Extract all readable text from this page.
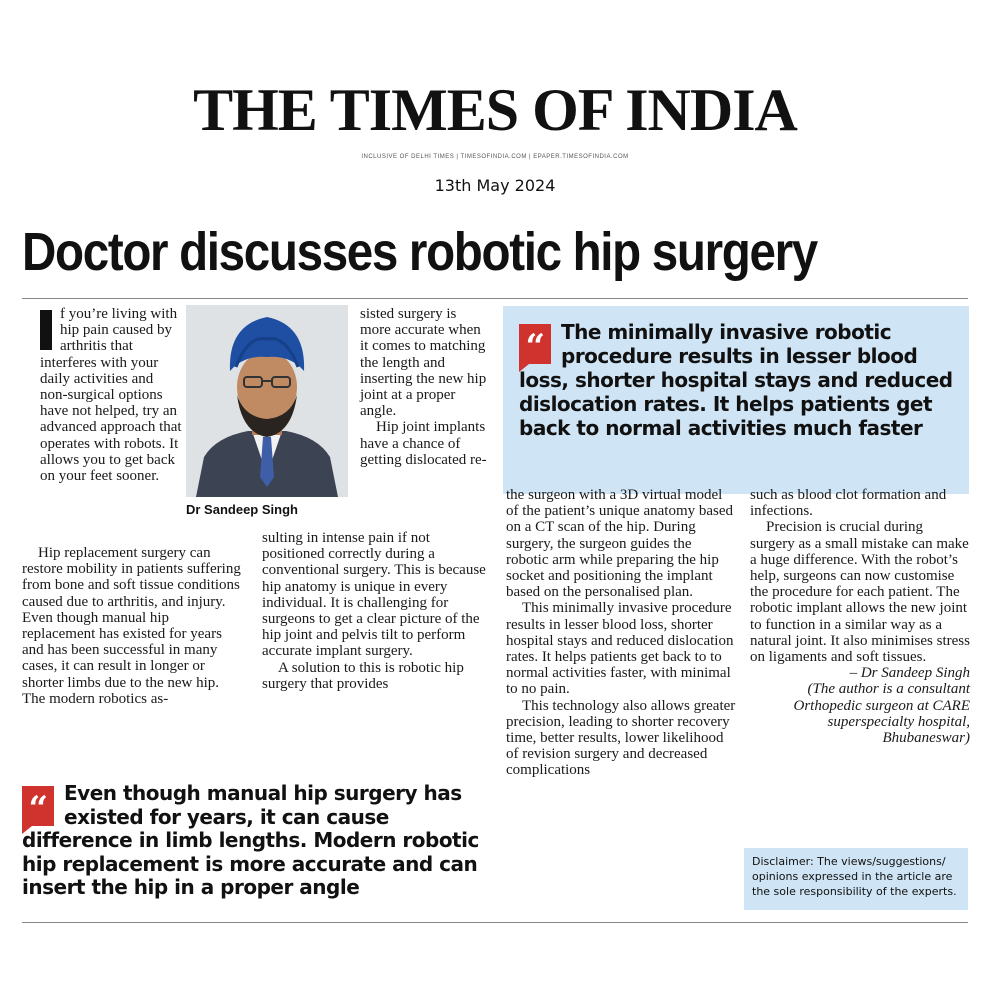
THE TIMES OF INDIA
INCLUSIVE OF DELHI TIMES | TIMESOFINDIA.COM | EPAPER.TIMESOFINDIA.COM
13th May 2024
Doctor discusses robotic hip surgery

f you’re living with hip pain caused by arthritis that interferes with your daily activities and non-surgical options have not helped, try an advanced approach that operates with robots. It allows you to get back on your feet sooner.

Hip replacement surgery can restore mobility in patients suffering from bone and soft tissue conditions caused due to arthritis, and injury. Even though manual hip replacement has existed for years and has been successful in many cases, it can result in longer or shorter limbs due to the new hip. The modern robotics as-

Dr Sandeep Singh

sisted surgery is more accurate when it comes to matching the length and inserting the new hip joint at a proper angle.

Hip joint implants have a chance of getting dislocated re-

sulting in intense pain if not positioned correctly during a conventional surgery. This is because hip anatomy is unique in every individual. It is challenging for surgeons to get a clear picture of the hip joint and pelvis tilt to perform accurate implant surgery.

A solution to this is robotic hip surgery that provides

“ The minimally invasive robotic procedure results in lesser blood loss, shorter hospital stays and reduced dislocation rates. It helps patients get back to normal activities much faster

the surgeon with a 3D virtual model of the patient’s unique anatomy based on a CT scan of the hip. During surgery, the surgeon guides the robotic arm while preparing the hip socket and positioning the implant based on the personalised plan.

This minimally invasive procedure results in lesser blood loss, shorter hospital stays and reduced dislocation rates. It helps patients get back to to normal activities faster, with minimal to no pain.

This technology also allows greater precision, leading to shorter recovery time, better results, lower likelihood of revision surgery and decreased complications

such as blood clot formation and infections.

Precision is crucial during surgery as a small mistake can make a huge difference. With the robot’s help, surgeons can now customise the procedure for each patient. The robotic implant allows the new joint to function in a similar way as a natural joint. It also minimises stress on ligaments and soft tissues.

– Dr Sandeep Singh

(The author is a consultant Orthopedic surgeon at CARE superspecialty hospital, Bhubaneswar)

“ Even though manual hip surgery has existed for years, it can cause difference in limb lengths. Modern robotic hip replacement is more accurate and can insert the hip in a proper angle
Disclaimer: The views/suggestions/ opinions expressed in the article are the sole responsibility of the experts.
